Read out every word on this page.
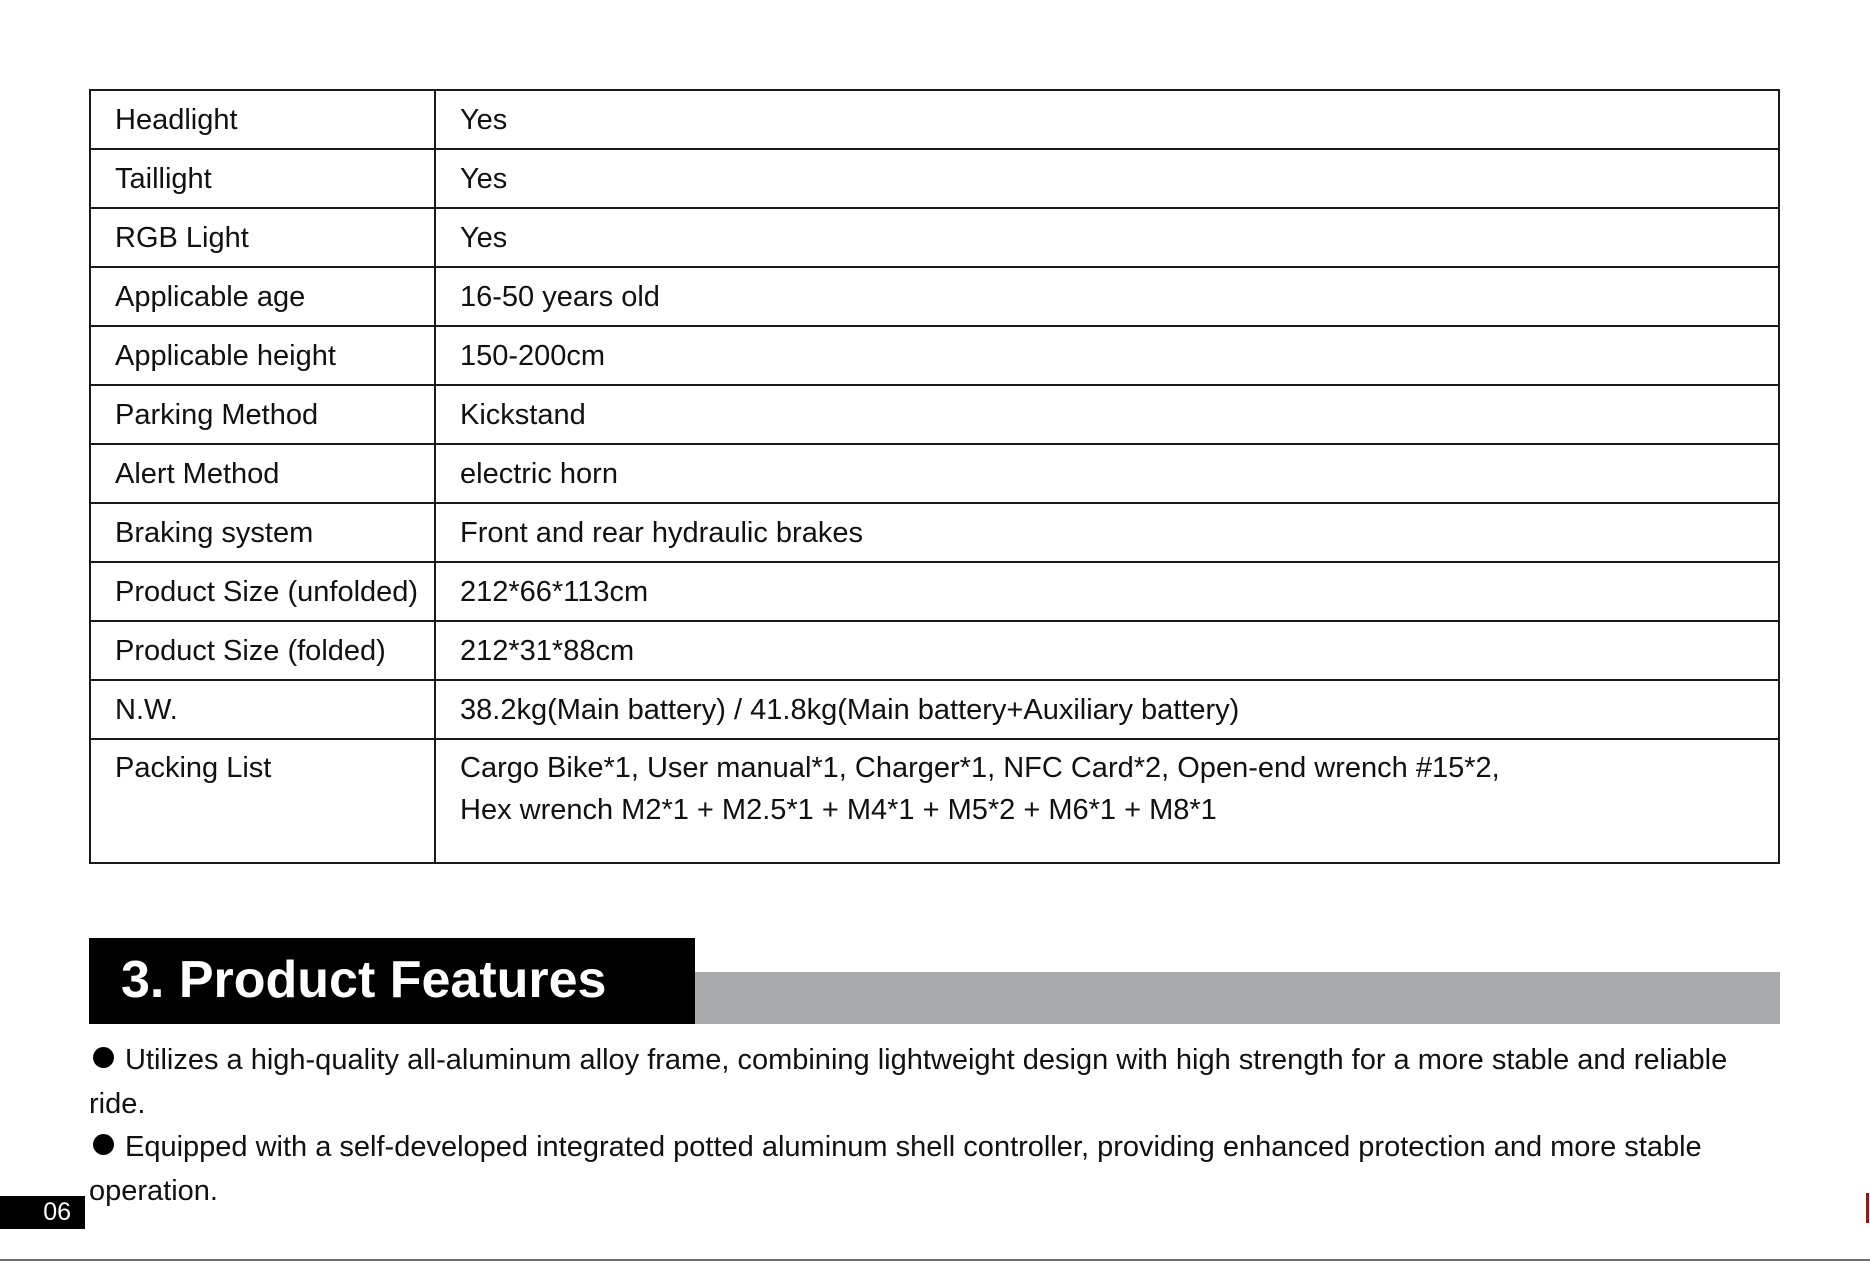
Headlight	Yes
Taillight	Yes
RGB Light	Yes
Applicable age	16-50 years old
Applicable height	150-200cm
Parking Method	Kickstand
Alert Method	electric horn
Braking system	Front and rear hydraulic brakes
Product Size (unfolded)	212*66*113cm
Product Size (folded)	212*31*88cm
N.W.	38.2kg(Main battery) / 41.8kg(Main battery+Auxiliary battery)
Packing List	Cargo Bike*1, User manual*1, Charger*1, NFC Card*2, Open-end wrench #15*2,
Hex wrench M2*1 + M2.5*1 + M4*1 + M5*2 + M6*1 + M8*1
3. Product Features
Utilizes a high-quality all-aluminum alloy frame, combining lightweight design with high strength for a more stable and reliable ride.
Equipped with a self-developed integrated potted aluminum shell controller, providing enhanced protection and more stable operation.
06
